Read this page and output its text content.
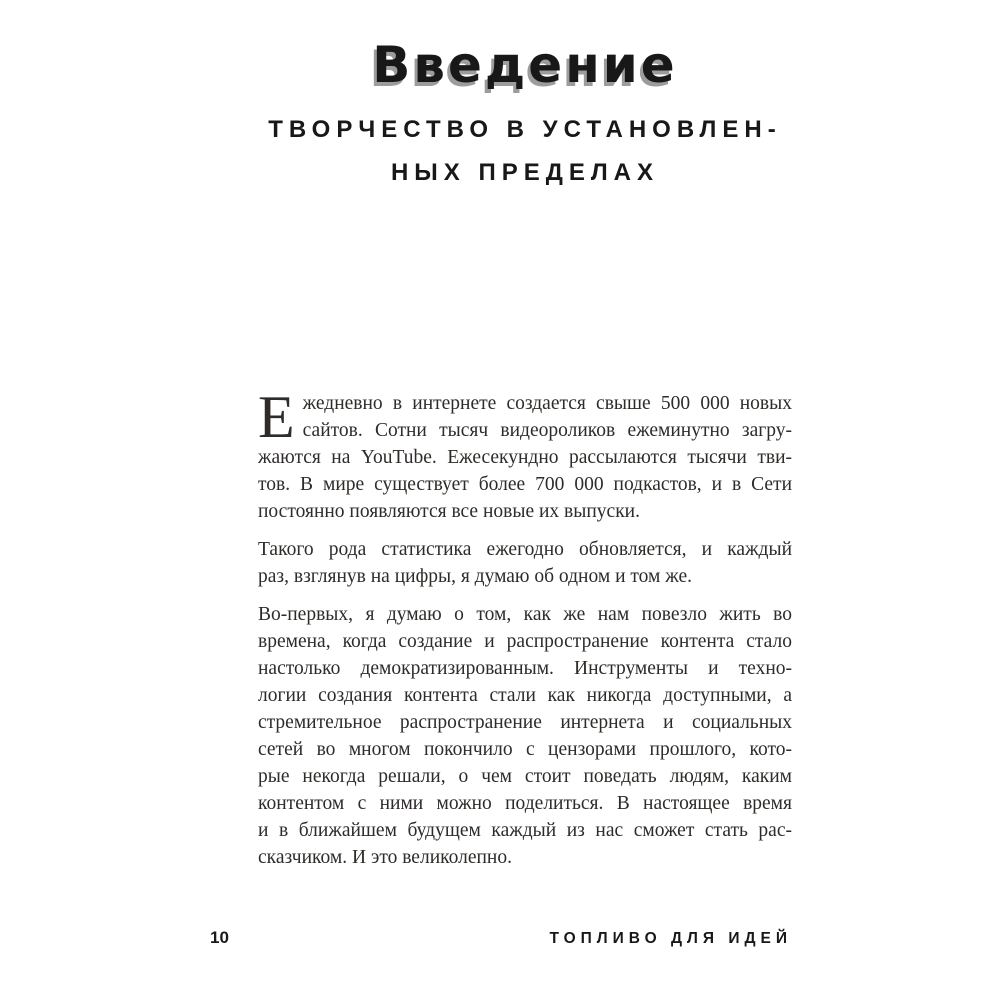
Введение
ТВОРЧЕСТВО В УСТАНОВЛЕН-
НЫХ ПРЕДЕЛАХ
Е жедневно в интернете создается свыше 500 000 новых
сайтов. Сотни тысяч видеороликов ежеминутно загру-
жаются на YouTube. Ежесекундно рассылаются тысячи тви-
тов. В мире существует более 700 000 подкастов, и в Сети
постоянно появляются все новые их выпуски.
Такого рода статистика ежегодно обновляется, и каждый
раз, взглянув на цифры, я думаю об одном и том же.
Во-первых, я думаю о том, как же нам повезло жить во
времена, когда создание и распространение контента стало
настолько демократизированным. Инструменты и техно-
логии создания контента стали как никогда доступными, а
стремительное распространение интернета и социальных
сетей во многом покончило с цензорами прошлого, кото-
рые некогда решали, о чем стоит поведать людям, каким
контентом с ними можно поделиться. В настоящее время
и в ближайшем будущем каждый из нас сможет стать рас-
сказчиком. И это великолепно.
10	ТОПЛИВО ДЛЯ ИДЕЙ
